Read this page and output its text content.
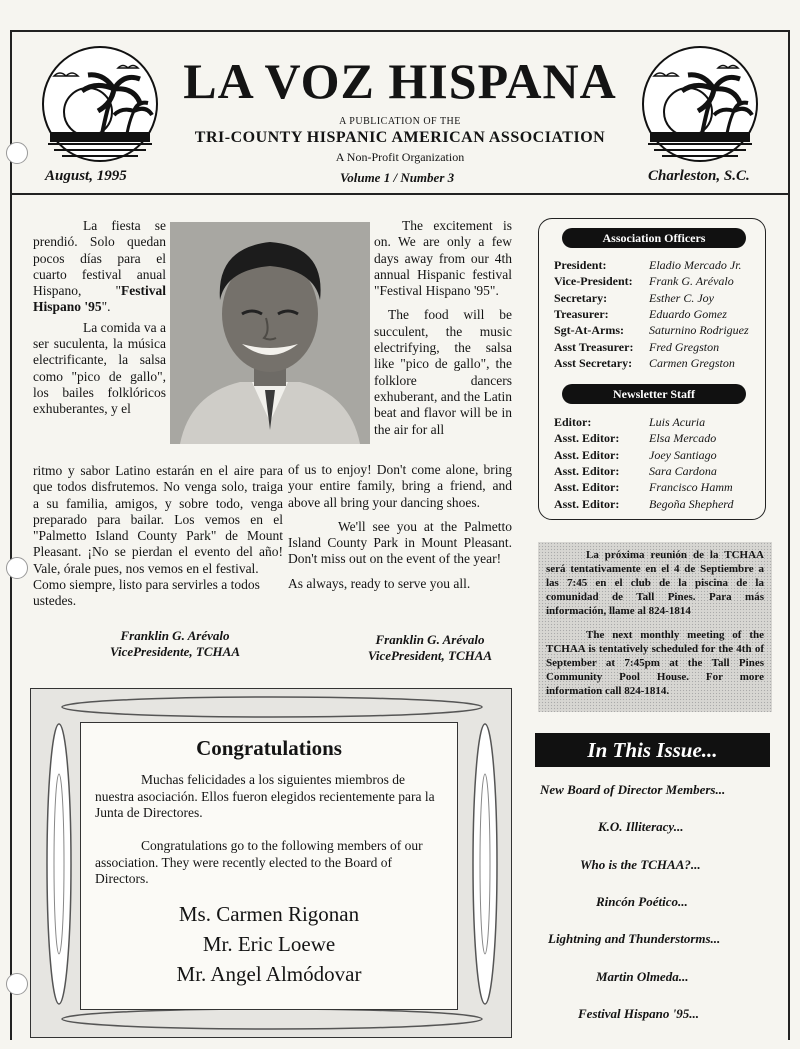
LA VOZ HISPANA
A PUBLICATION OF THE
TRI-COUNTY HISPANIC AMERICAN ASSOCIATION
A Non-Profit Organization
August, 1995	Volume 1 / Number 3	Charleston, S.C.

La fiesta se prendió. Solo quedan pocos días para el cuarto festival anual Hispano, "Festival Hispano '95".

La comida va a ser suculenta, la música electrificante, la salsa como "pico de gallo", los bailes folklóricos exhuberantes, y el

ritmo y sabor Latino estarán en el aire para que todos disfrutemos. No venga solo, traiga a su familia, amigos, y sobre todo, venga preparado para bailar. Los vemos en el "Palmetto Island County Park" de Mount Pleasant. ¡No se pierdan el evento del año! Vale, órale pues, nos vemos en el festival.

Como siempre, listo para servirles a todos ustedes.

Franklin G. Arévalo
VicePresidente, TCHAA

The excitement is on. We are only a few days away from our 4th annual Hispanic festival "Festival Hispano '95".

The food will be succulent, the music electrifying, the salsa like "pico de gallo", the folklore dancers exhuberant, and the Latin beat and flavor will be in the air for all

of us to enjoy! Don't come alone, bring your entire family, bring a friend, and above all bring your dancing shoes.

We'll see you at the Palmetto Island County Park in Mount Pleasant. Don't miss out on the event of the year!

As always, ready to serve you all.

Franklin G. Arévalo
VicePresident, TCHAA
Association Officers
President:	Eladio Mercado Jr.
Vice-President: Frank G. Arévalo
Secretary:	Esther C. Joy
Treasurer:	Eduardo Gomez
Sgt-At-Arms: Saturnino Rodriguez
Asst Treasurer: Fred Gregston
Asst Secretary: Carmen Gregston
Newsletter Staff
Editor:	Luis Acuria
Asst. Editor: Elsa Mercado
Asst. Editor: Joey Santiago
Asst. Editor: Sara Cardona
Asst. Editor: Francisco Hamm
Asst. Editor: Begoña Shepherd

La próxima reunión de la TCHAA será tentativamente en el 4 de Septiembre a las 7:45 en el club de la piscina de la comunidad de Tall Pines. Para más información, llame al 824-1814

The next monthly meeting of the TCHAA is tentatively scheduled for the 4th of September at 7:45pm at the Tall Pines Community Pool House. For more information call 824-1814.

In This Issue...
New Board of Director Members...
K.O. Illiteracy...
Who is the TCHAA?...
Rincón Poético...
Lightning and Thunderstorms...
Martin Olmeda...
Festival Hispano '95...
Congratulations
Muchas felicidades a los siguientes miembros de nuestra asociación. Ellos fueron elegidos recientemente para la Junta de Directores.
Congratulations go to the following members of our association. They were recently elected to the Board of Directors.
Ms. Carmen Rigonan
Mr. Eric Loewe
Mr. Angel Almódovar
